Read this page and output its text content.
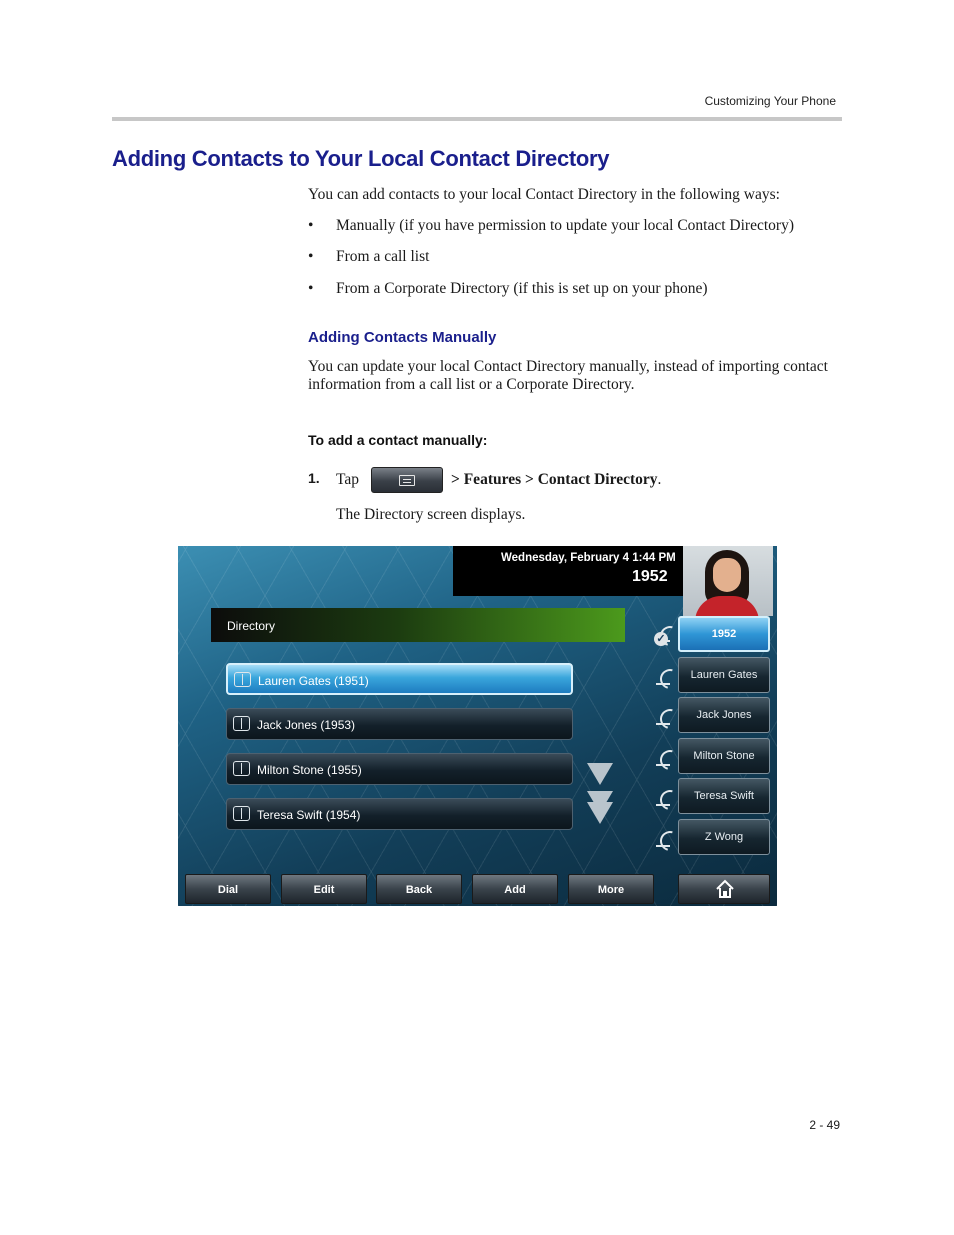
Customizing Your Phone
Adding Contacts to Your Local Contact Directory
You can add contacts to your local Contact Directory in the following ways:
• Manually (if you have permission to update your local Contact Directory)
• From a call list
• From a Corporate Directory (if this is set up on your phone)
Adding Contacts Manually
You can update your local Contact Directory manually, instead of importing contact information from a call list or a Corporate Directory.
To add a contact manually:
1. Tap	> Features > Contact Directory.
The Directory screen displays.
Wednesday, February 4 1:44 PM
1952
Directory
Lauren Gates (1951)
Jack Jones (1953)
Milton Stone (1955)
Teresa Swift (1954)
✓	1952
Lauren Gates
Jack Jones
Milton Stone
Teresa Swift
Z Wong
Dial	Edit	Back	Add	More
2 - 49
